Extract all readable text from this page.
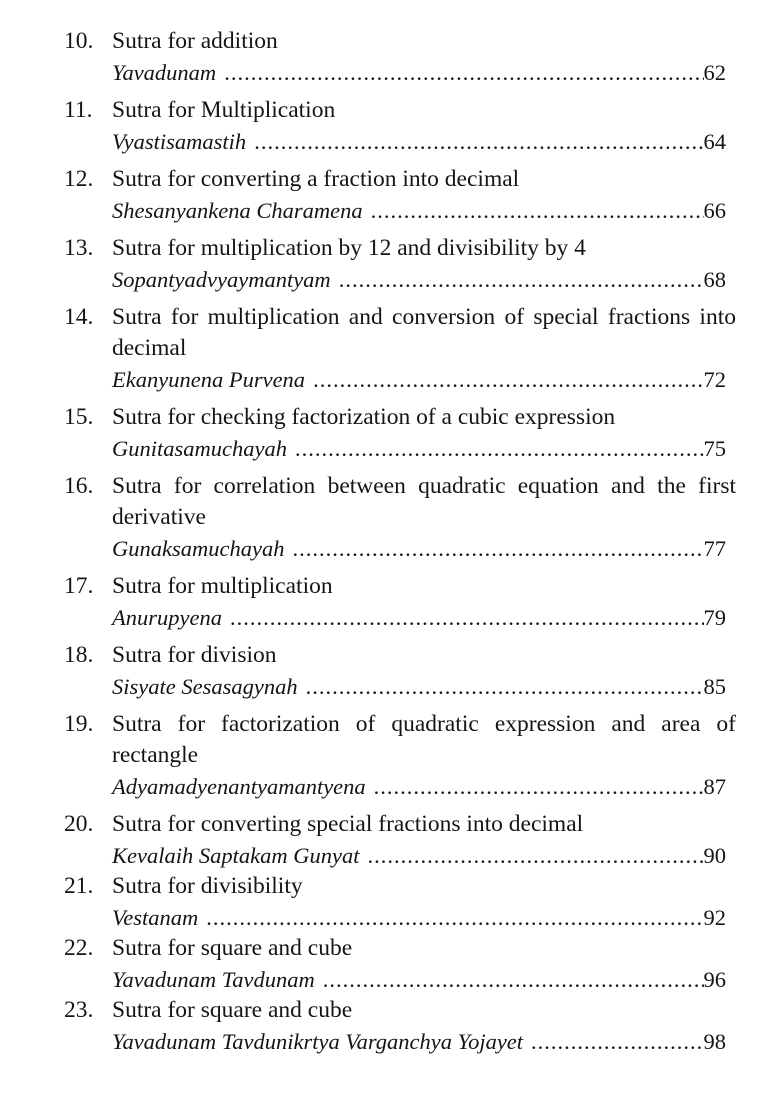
10. Sutra for addition
Yavadunam .....	62
11. Sutra for Multiplication
Vyastisamastih .....	64
12. Sutra for converting a fraction into decimal
Shesanyankena Charamena .....	66
13. Sutra for multiplication by 12 and divisibility by 4
Sopantyadvyaymantyam .....	68
14. Sutra for multiplication and conversion of special fractions into decimal
Ekanyunena Purvena .....	72
15. Sutra for checking factorization of a cubic expression
Gunitasamuchayah .....	75
16. Sutra for correlation between quadratic equation and the first derivative
Gunaksamuchayah .....	77
17. Sutra for multiplication
Anurupyena .....	79
18. Sutra for division
Sisyate Sesasagynah .....	85
19. Sutra for factorization of quadratic expression and area of rectangle
Adyamadyenantyamantyena .....	87
20. Sutra for converting special fractions into decimal
Kevalaih Saptakam Gunyat .....	90
21. Sutra for divisibility
Vestanam .....	92
22. Sutra for square and cube
Yavadunam Tavdunam .....	96
23. Sutra for square and cube
Yavadunam Tavdunikrtya Varganchya Yojayet .....	98
